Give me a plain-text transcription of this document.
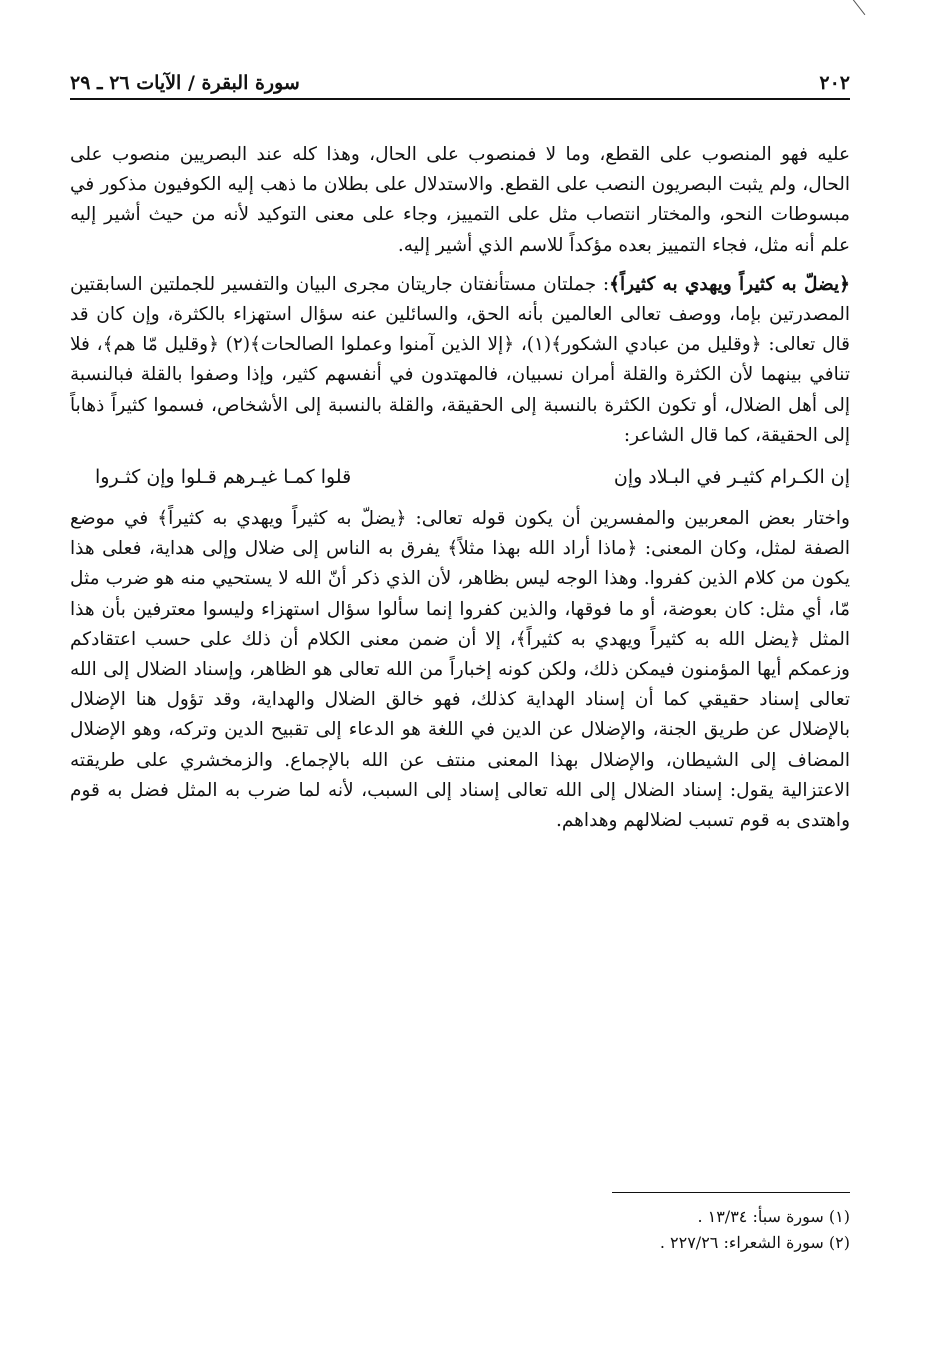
٢٠٢
سورة البقرة / الآيات ٢٦ ـ ٢٩

عليه فهو المنصوب على القطع، وما لا فمنصوب على الحال، وهذا كله عند البصريين منصوب على الحال، ولم يثبت البصريون النصب على القطع. والاستدلال على بطلان ما ذهب إليه الكوفيون مذكور في مبسوطات النحو، والمختار انتصاب مثل على التمييز، وجاء على معنى التوكيد لأنه من حيث أشير إليه علم أنه مثل، فجاء التمييز بعده مؤكداً للاسم الذي أشير إليه.

﴿يضلّ به كثيراً ويهدي به كثيراً﴾: جملتان مستأنفتان جاريتان مجرى البيان والتفسير للجملتين السابقتين المصدرتين بإما، ووصف تعالى العالمين بأنه الحق، والسائلين عنه سؤال استهزاء بالكثرة، وإن كان قد قال تعالى: ﴿وقليل من عبادي الشكور﴾(١)، ﴿إلا الذين آمنوا وعملوا الصالحات﴾(٢) ﴿وقليل مّا هم﴾، فلا تنافي بينهما لأن الكثرة والقلة أمران نسبيان، فالمهتدون في أنفسهم كثير، وإذا وصفوا بالقلة فبالنسبة إلى أهل الضلال، أو تكون الكثرة بالنسبة إلى الحقيقة، والقلة بالنسبة إلى الأشخاص، فسموا كثيراً ذهاباً إلى الحقيقة، كما قال الشاعر:

إن الكـرام كثيـر في البـلاد وإن
قلوا كمـا غيـرهم قـلوا وإن كثـروا

واختار بعض المعربين والمفسرين أن يكون قوله تعالى: ﴿يضلّ به كثيراً ويهدي به كثيراً﴾ في موضع الصفة لمثل، وكان المعنى: ﴿ماذا أراد الله بهذا مثلاً﴾ يفرق به الناس إلى ضلال وإلى هداية، فعلى هذا يكون من كلام الذين كفروا. وهذا الوجه ليس بظاهر، لأن الذي ذكر أنّ الله لا يستحيي منه هو ضرب مثل مّا، أي مثل: كان بعوضة، أو ما فوقها، والذين كفروا إنما سألوا سؤال استهزاء وليسوا معترفين بأن هذا المثل ﴿يضل الله به كثيراً ويهدي به كثيراً﴾، إلا أن ضمن معنى الكلام أن ذلك على حسب اعتقادكم وزعمكم أيها المؤمنون فيمكن ذلك، ولكن كونه إخباراً من الله تعالى هو الظاهر، وإسناد الضلال إلى الله تعالى إسناد حقيقي كما أن إسناد الهداية كذلك، فهو خالق الضلال والهداية، وقد تؤول هنا الإضلال بالإضلال عن طريق الجنة، والإضلال عن الدين في اللغة هو الدعاء إلى تقبيح الدين وتركه، وهو الإضلال المضاف إلى الشيطان، والإضلال بهذا المعنى منتف عن الله بالإجماع. والزمخشري على طريقته الاعتزالية يقول: إسناد الضلال إلى الله تعالى إسناد إلى السبب، لأنه لما ضرب به المثل فضل به قوم واهتدى به قوم تسبب لضلالهم وهداهم.

(١) سورة سبأ: ١٣/٣٤ .
(٢) سورة الشعراء: ٢٢٧/٢٦ .
